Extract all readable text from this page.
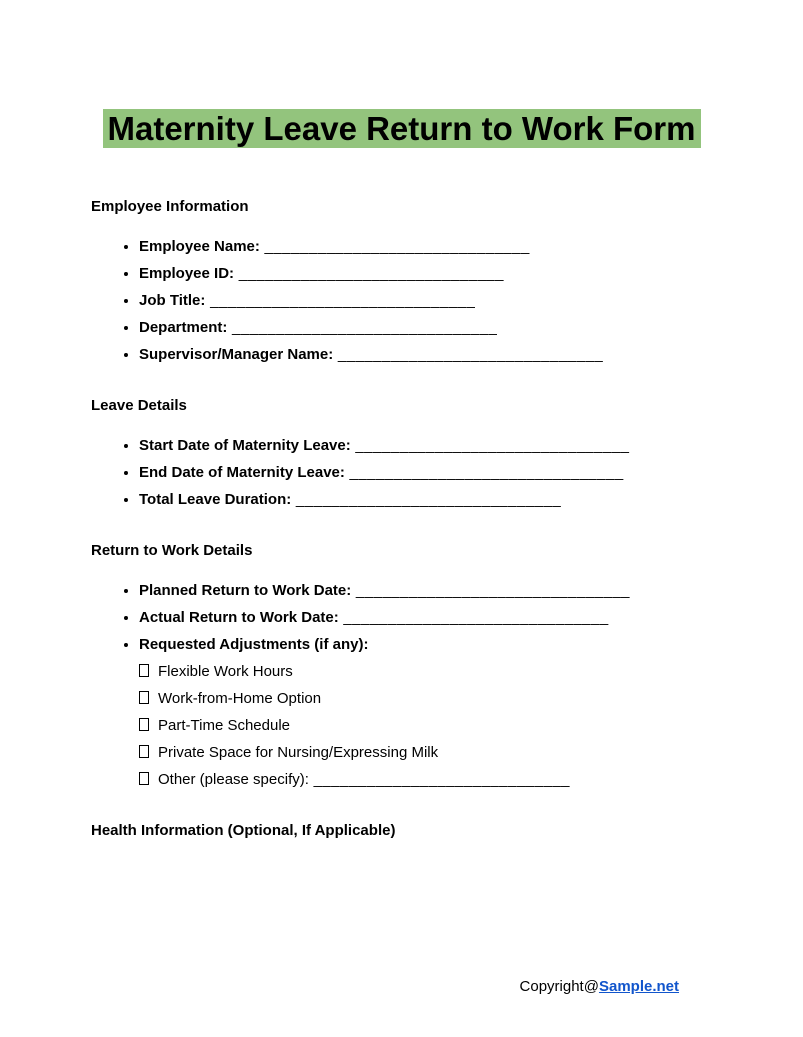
Maternity Leave Return to Work Form
Employee Information
• Employee Name: ______________________________
• Employee ID: ______________________________
• Job Title: ______________________________
• Department: ______________________________
• Supervisor/Manager Name: ______________________________
Leave Details
• Start Date of Maternity Leave: _______________________________
• End Date of Maternity Leave: _______________________________
• Total Leave Duration: ______________________________
Return to Work Details
• Planned Return to Work Date: _______________________________
• Actual Return to Work Date: ______________________________
• Requested Adjustments (if any):
Flexible Work Hours
Work-from-Home Option
Part-Time Schedule
Private Space for Nursing/Expressing Milk
Other (please specify): _____________________________
Health Information (Optional, If Applicable)
Copyright@Sample.net
